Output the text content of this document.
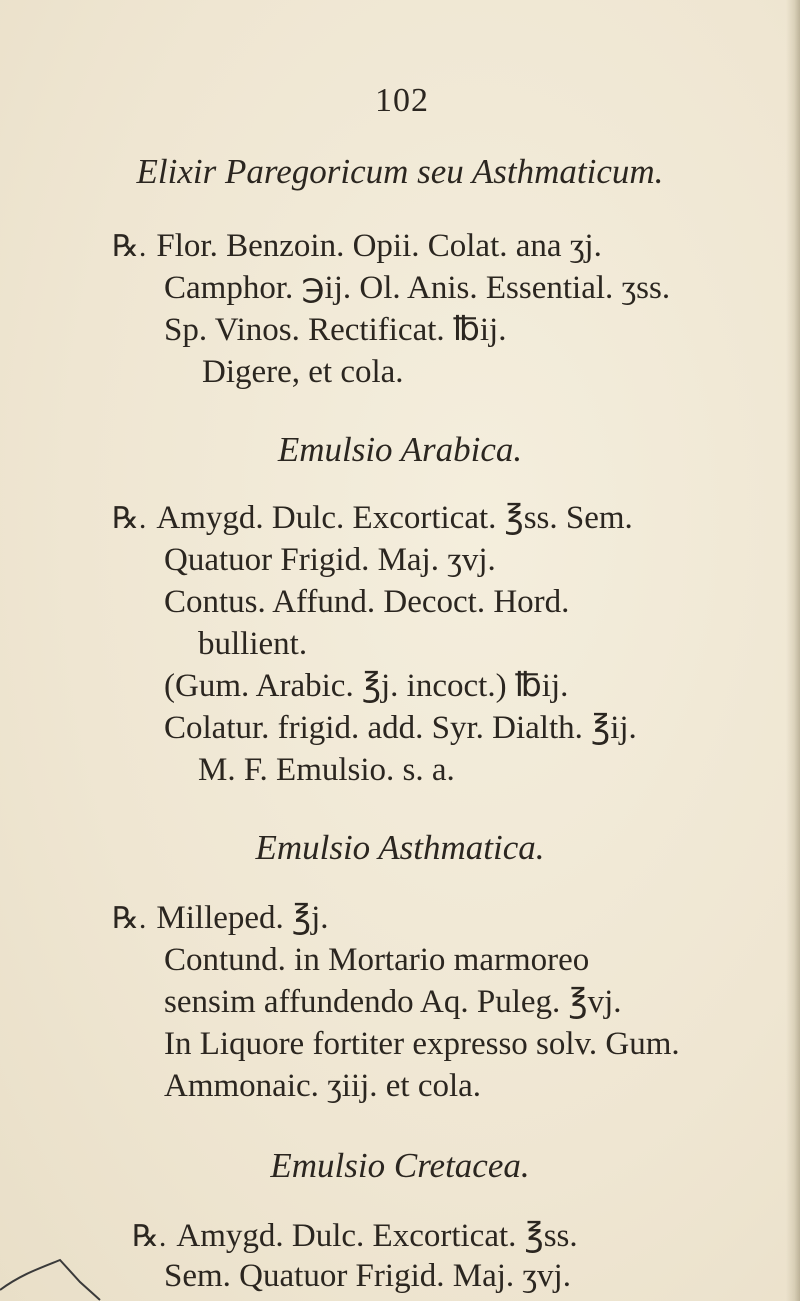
102
Elixir Paregoricum seu Asthmaticum.
℞. Flor. Benzoin. Opii. Colat. ana ʒj.
Camphor. ℈ij. Ol. Anis. Essential. ʒss.
Sp. Vinos. Rectificat. ℔ij.
Digere, et cola.
Emulsio Arabica.
℞. Amygd. Dulc. Excorticat. ℥ss. Sem.
Quatuor Frigid. Maj. ʒvj.
Contus. Affund. Decoct. Hord.
bullient.
(Gum. Arabic. ℥j. incoct.) ℔ij.
Colatur. frigid. add. Syr. Dialth. ℥ij.
M. F. Emulsio. s. a.
Emulsio Asthmatica.
℞. Milleped. ℥j.
Contund. in Mortario marmoreo
sensim affundendo Aq. Puleg. ℥vj.
In Liquore fortiter expresso solv. Gum.
Ammonaic. ʒiij. et cola.
Emulsio Cretacea.
℞. Amygd. Dulc. Excorticat. ℥ss.
Sem. Quatuor Frigid. Maj. ʒvj.
